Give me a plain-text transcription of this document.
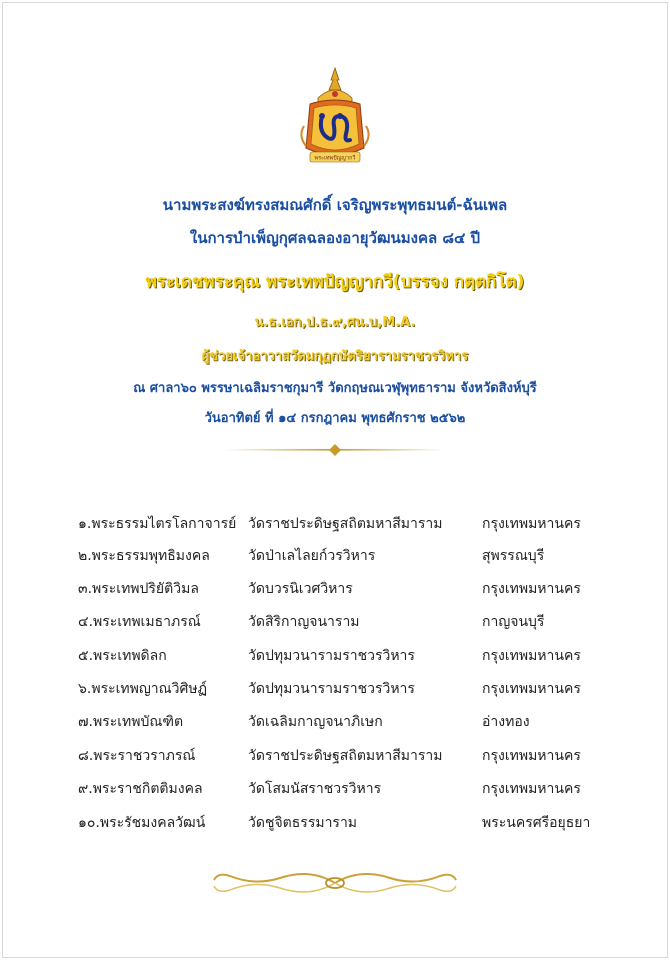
พระเทพปัญญากวี
นามพระสงฆ์ทรงสมณศักดิ์ เจริญพระพุทธมนต์-ฉันเพล
ในการบำเพ็ญกุศลฉลองอายุวัฒนมงคล ๘๔ ปี
พระเดชพระคุณ พระเทพปัญญากวี(บรรจง กตฺตกิโต)
น.ธ.เอก,ป.ธ.๙,ศน.บ,M.A.
ผู้ช่วยเจ้าอาวาสวัดมกุฏกษัตริยารามราชวรวิหาร
ณ ศาลา๖๐ พรรษาเฉลิมราชกุมารี วัดกฤษณเวฬุพุทธาราม จังหวัดสิงห์บุรี
วันอาทิตย์ ที่ ๑๔ กรกฎาคม พุทธศักราช ๒๕๖๒
๑.พระธรรมไตรโลกาจารย์ วัดราชประดิษฐสถิตมหาสีมาราม	กรุงเทพมหานคร
๒.พระธรรมพุทธิมงคล	วัดป่าเลไลยก์วรวิหาร	สุพรรณบุรี
๓.พระเทพปริยัติวิมล	วัดบวรนิเวศวิหาร	กรุงเทพมหานคร
๔.พระเทพเมธาภรณ์	วัดสิริกาญจนาราม	กาญจนบุรี
๕.พระเทพดิลก	วัดปทุมวนารามราชวรวิหาร	กรุงเทพมหานคร
๖.พระเทพญาณวิศิษฏ์	วัดปทุมวนารามราชวรวิหาร	กรุงเทพมหานคร
๗.พระเทพบัณฑิต	วัดเฉลิมกาญจนาภิเษก	อ่างทอง
๘.พระราชวราภรณ์	วัดราชประดิษฐสถิตมหาสีมาราม	กรุงเทพมหานคร
๙.พระราชกิตติมงคล	วัดโสมนัสราชวรวิหาร	กรุงเทพมหานคร
๑๐.พระรัชมงคลวัฒน์	วัดชูจิตธรรมาราม	พระนครศรีอยุธยา
